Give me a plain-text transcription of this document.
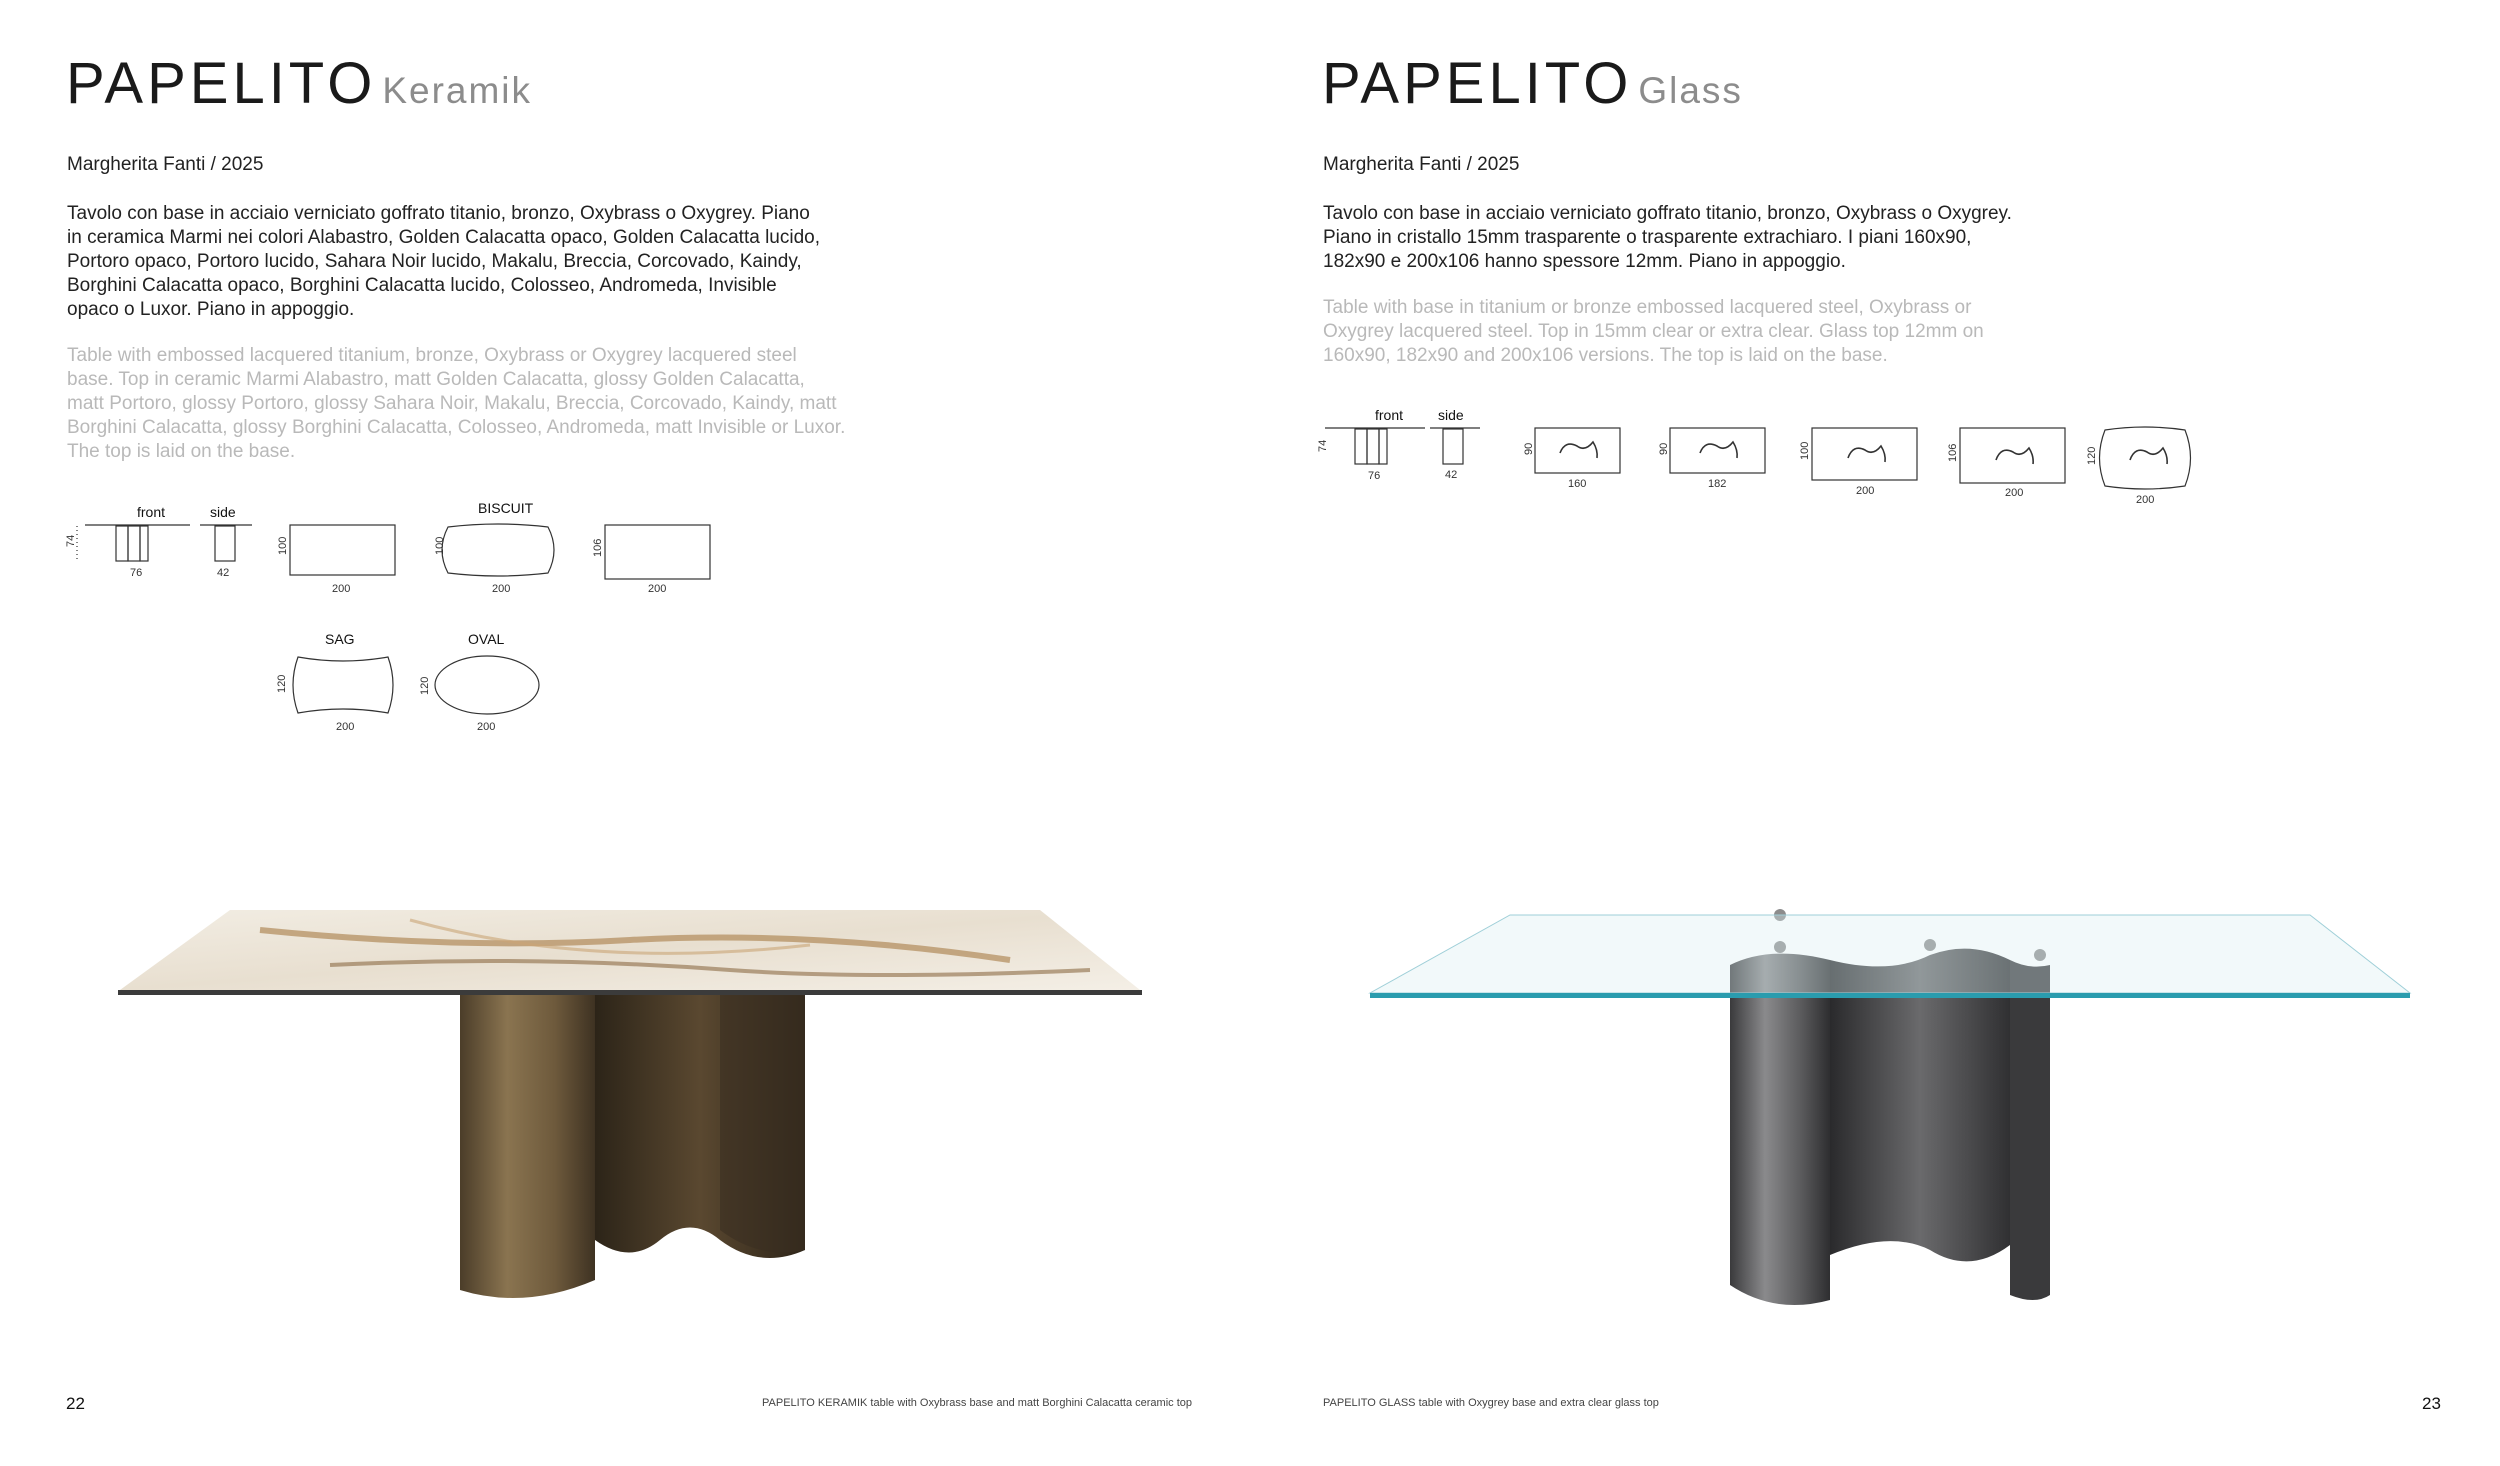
PAPELITO Keramik
Margherita Fanti / 2025

Tavolo con base in acciaio verniciato goffrato titanio, bronzo, Oxybrass o Oxygrey. Piano in ceramica Marmi nei colori Alabastro, Golden Calacatta opaco, Golden Calacatta lucido, Portoro opaco, Portoro lucido, Sahara Noir lucido, Makalu, Breccia, Corcovado, Kaindy, Borghini Calacatta opaco, Borghini Calacatta lucido, Colosseo, Andromeda, Invisible opaco o Luxor. Piano in appoggio.

Table with embossed lacquered titanium, bronze, Oxybrass or Oxygrey lacquered steel base. Top in ceramic Marmi Alabastro, matt Golden Calacatta, glossy Golden Calacatta, matt Portoro, glossy Portoro, glossy Sahara Noir, Makalu, Breccia, Corcovado, Kaindy, matt Borghini Calacatta, glossy Borghini Calacatta, Colosseo, Andromeda, matt Invisible or Luxor. The top is laid on the base.

front
74
76
side
42
100
200
BISCUIT
100
200
106
200
SAG
120
200
OVAL
120
200
22	PAPELITO KERAMIK table with Oxybrass base and matt Borghini Calacatta ceramic top
PAPELITO Glass
Margherita Fanti / 2025

Tavolo con base in acciaio verniciato goffrato titanio, bronzo, Oxybrass o Oxygrey. Piano in cristallo 15mm trasparente o trasparente extrachiaro. I piani 160x90, 182x90 e 200x106 hanno spessore 12mm. Piano in appoggio.

Table with base in titanium or bronze embossed lacquered steel, Oxybrass or Oxygrey lacquered steel. Top in 15mm clear or extra clear. Glass top 12mm on 160x90, 182x90 and 200x106 versions. The top is laid on the base.

front
74
76
side
42
90
160
90
182
100
200
106
200
120
200
23
PAPELITO GLASS table with Oxygrey base and extra clear glass top
